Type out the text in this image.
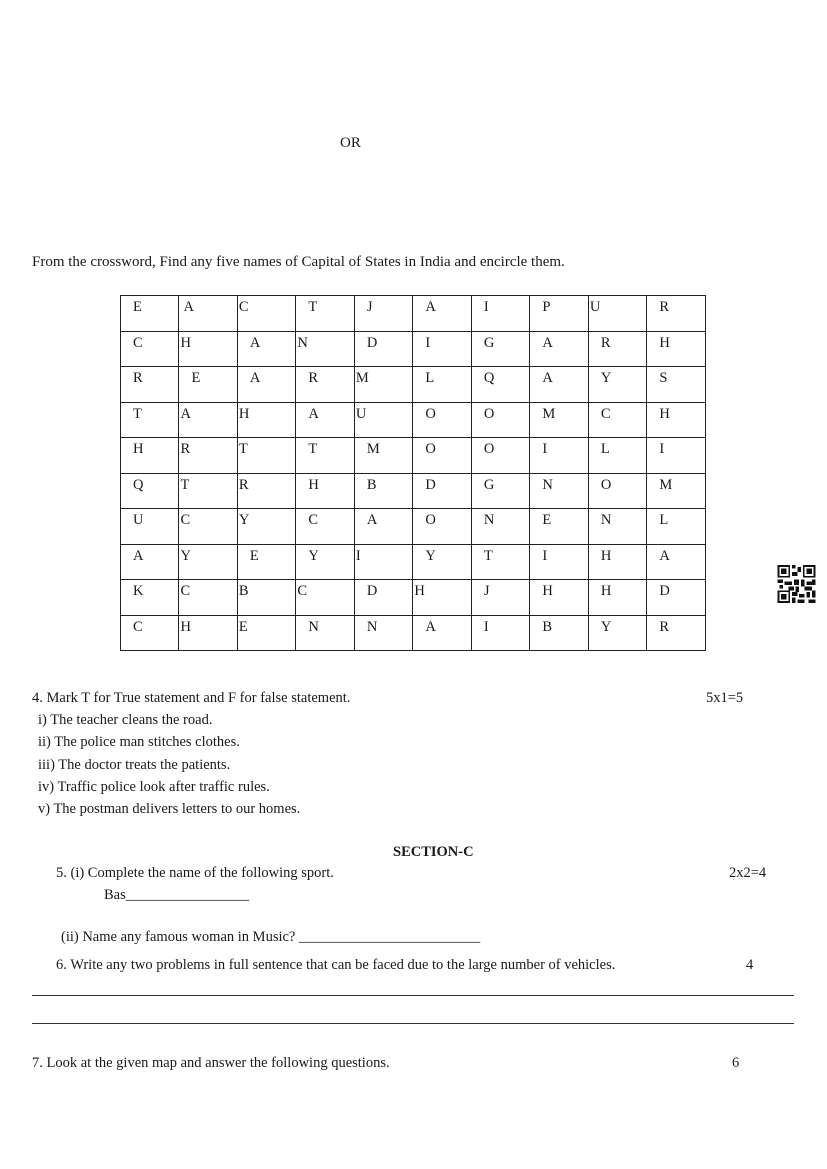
OR
From the crossword, Find any five names of Capital of States in India and encircle them.
E	A	C	T	J	A	I	P	U	R
C	H	A	N	D	I	G	A	R	H
R	E	A	R	M	L	Q	A	Y	S
T	A	H	A	U	O	O	M	C	H
H	R	T	T	M	O	O	I	L	I
Q	T	R	H	B	D	G	N	O	M
U	C	Y	C	A	O	N	E	N	L
A	Y	E	Y	I	Y	T	I	H	A
K	C	B	C	D	H	J	H	H	D
C	H	E	N	N	A	I	B	Y	R
4. Mark T for True statement and F for false statement.	5x1=5
i) The teacher cleans the road.
ii) The police man stitches clothes.
iii) The doctor treats the patients.
iv) Traffic police look after traffic rules.
v) The postman delivers letters to our homes.
SECTION-C
5. (i) Complete the name of the following sport.	2x2=4
Bas_________________
(ii) Name any famous woman in Music? _________________________
6. Write any two problems in full sentence that can be faced due to the large number of vehicles.	4
7. Look at the given map and answer the following questions.	6
